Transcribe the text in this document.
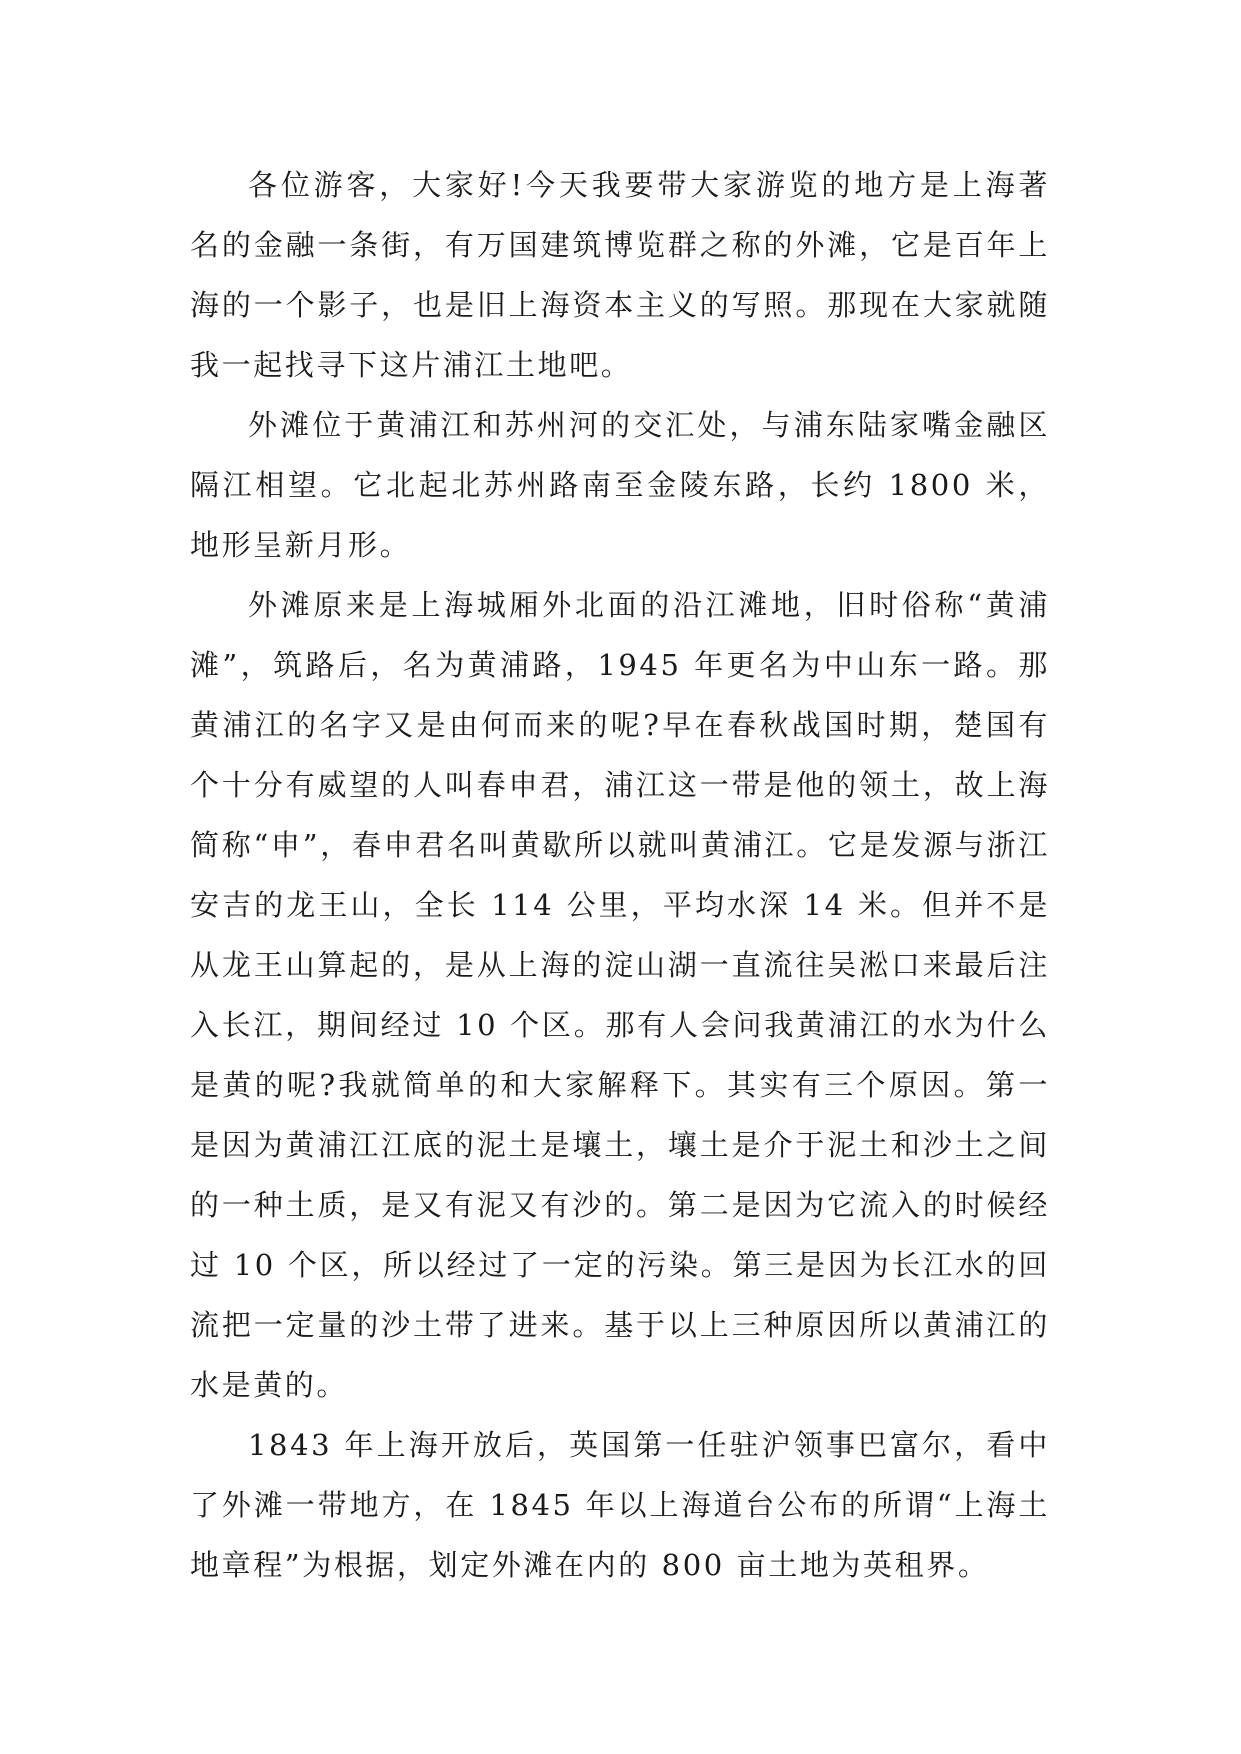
各位游客，大家好!今天我要带大家游览的地方是上海著名的金融一条街，有万国建筑博览群之称的外滩，它是百年上海的一个影子，也是旧上海资本主义的写照。那现在大家就随我一起找寻下这片浦江土地吧。

外滩位于黄浦江和苏州河的交汇处，与浦东陆家嘴金融区隔江相望。它北起北苏州路南至金陵东路，长约 1800 米，地形呈新月形。

外滩原来是上海城厢外北面的沿江滩地，旧时俗称“黄浦滩”，筑路后，名为黄浦路，1945 年更名为中山东一路。那黄浦江的名字又是由何而来的呢?早在春秋战国时期，楚国有个十分有威望的人叫春申君，浦江这一带是他的领土，故上海简称“申”，春申君名叫黄歇所以就叫黄浦江。它是发源与浙江安吉的龙王山，全长 114 公里，平均水深 14 米。但并不是从龙王山算起的，是从上海的淀山湖一直流往吴淞口来最后注入长江，期间经过 10 个区。那有人会问我黄浦江的水为什么是黄的呢?我就简单的和大家解释下。其实有三个原因。第一是因为黄浦江江底的泥土是壤土，壤土是介于泥土和沙土之间的一种土质，是又有泥又有沙的。第二是因为它流入的时候经过 10 个区，所以经过了一定的污染。第三是因为长江水的回流把一定量的沙土带了进来。基于以上三种原因所以黄浦江的水是黄的。

1843 年上海开放后，英国第一任驻沪领事巴富尔，看中了外滩一带地方，在 1845 年以上海道台公布的所谓“上海土地章程”为根据，划定外滩在内的 800 亩土地为英租界。
